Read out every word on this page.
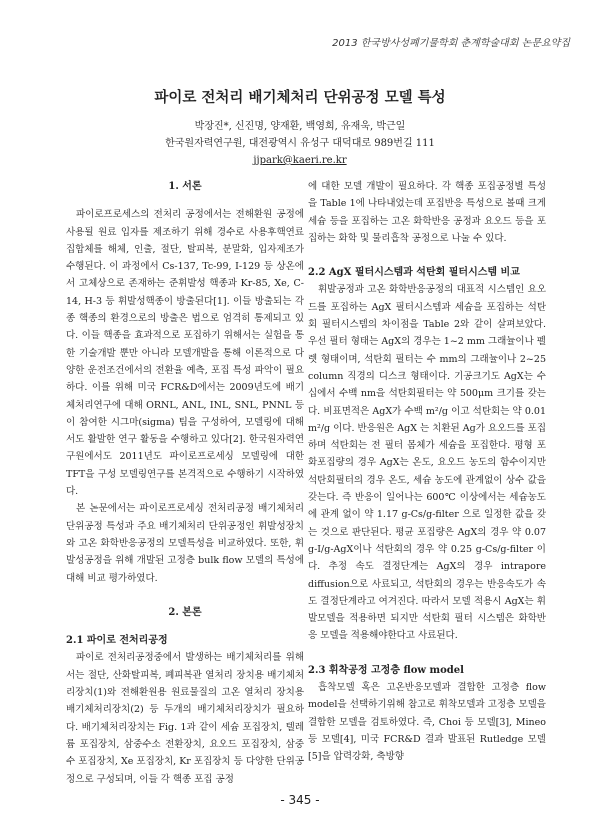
2013 한국방사성폐기물학회 춘계학술대회 논문요약집
파이로 전처리 배기체처리 단위공정 모델 특성
박장진*, 신진명, 양재환, 백영희, 유재욱, 박근일
한국원자력연구원, 대전광역시 유성구 대덕대로 989번길 111
jjpark@kaeri.re.kr
1. 서론

파이로프로세스의 전처리 공정에서는 전해환원 공정에 사용될 원료 입자를 제조하기 위해 경수로 사용후핵연료 집합체를 해체, 인출, 절단, 탈피복, 분말화, 입자제조가 수행된다. 이 과정에서 Cs-137, Tc-99, I-129 등 상온에서 고체상으로 존재하는 준휘발성 핵종과 Kr-85, Xe, C-14, H-3 등 휘발성핵종이 방출된다[1]. 이들 방출되는 각종 핵종의 환경으로의 방출은 법으로 엄격히 통제되고 있다. 이들 핵종을 효과적으로 포집하기 위해서는 실험을 통한 기술개발 뿐만 아니라 모델개발을 통해 이론적으로 다양한 운전조건에서의 전환율 예측, 포집 특성 파악이 필요하다. 이를 위해 미국 FCR&D에서는 2009년도에 배기체처리연구에 대해 ORNL, ANL, INL, SNL, PNNL 등이 참여한 시그마(sigma) 팀을 구성하여, 모델링에 대해서도 활발한 연구 활동을 수행하고 있다[2]. 한국원자력연구원에서도 2011년도 파이로프로세싱 모델링에 대한 TFT을 구성 모델링연구를 본격적으로 수행하기 시작하였다.

본 논문에서는 파이로프로세싱 전처리공정 배기체처리 단위공정 특성과 주요 배기체처리 단위공정인 휘발성장치와 고온 화학반응공정의 모델특성을 비교하였다. 또한, 휘발성공정을 위해 개발된 고정층 bulk flow 모델의 특성에대해 비교 평가하였다.

2. 본론
2.1 파이로 전처리공정

파이로 전처리공정중에서 발생하는 배기체처리를 위해서는 절단, 산화탈피복, 폐피복관 열처리 장치용 배기체처리장치(1)와 전해환원용 원료물질의 고온 열처리 장치용 배기체처리장치(2) 등 두개의 배기체처리장치가 필요하다. 배기체처리장치는 Fig. 1과 같이 세슘 포집장치, 텔레륨 포집장치, 삼중수소 전환장치, 요오드 포집장치, 삼중수 포집장치, Xe 포집장치, Kr 포집장치 등 다양한 단위공정으로 구성되며, 이들 각 핵종 포집 공정

에 대한 모델 개발이 필요하다. 각 핵종 포집공정별 특성을 Table 1에 나타내었는데 포집반응 특성으로 볼때 크게 세슘 등을 포집하는 고온 화학반응 공정과 요오드 등을 포집하는 화학 및 물리흡착 공정으로 나눌 수 있다.

2.2 AgX 필터시스템과 석탄회 필터시스템 비교

휘발공정과 고온 화학반응공정의 대표적 시스템인 요오드를 포집하는 AgX 필터시스템과 세슘을 포집하는 석탄회 필터시스템의 차이점을 Table 2와 같이 살펴보았다. 우선 필터 형태는 AgX의 경우는 1~2 mm 그래뉼이나 펠렛 형태이며, 석탄회 필터는 수 mm의 그래뉼이나 2~25 column 직경의 디스크 형태이다. 기공크기도 AgX는 수십에서 수백 nm을 석탄회필터는 약 500μm 크기를 갖는다. 비표면적은 AgX가 수백 m²/g 이고 석탄회는 약 0.01 m²/g 이다. 반응원은 AgX 는 치환된 Ag가 요오드를 포집하며 석탄회는 전 필터 몸체가 세슘을 포집한다. 평형 포화포집량의 경우 AgX는 온도, 요오드 농도의 함수이지만 석탄회필터의 경우 온도, 세슘 농도에 관계없이 상수 값을 갖는다. 즉 반응이 일어나는 600℃ 이상에서는 세슘농도에 관계 없이 약 1.17 g-Cs/g-filter 으로 일정한 값을 갖는 것으로 판단된다. 평균 포집량은 AgX의 경우 약 0.07 g-I/g-AgX이나 석탄회의 경우 약 0.25 g-Cs/g-filter 이다. 추정 속도 결정단계는 AgX의 경우 intrapore diffusion으로 사료되고, 석탄회의 경우는 반응속도가 속도 결정단계라고 여겨진다. 따라서 모델 적용시 AgX는 휘발모델을 적용하면 되지만 석탄회 필터 시스템은 화학반응 모델을 적용해야한다고 사료된다.

2.3 휘착공정 고정층 flow model

흡착모델 혹은 고온반응모델과 결합한 고정층 flow model을 선택하기위해 참고로 휘착모델과 고정층 모델을 결합한 모델을 검토하였다. 즉, Choi 등 모델[3], Mineo 등 모델[4], 미국 FCR&D 결과 발표된 Rutledge 모델[5]을 압력강화, 축방향

- 345 -
